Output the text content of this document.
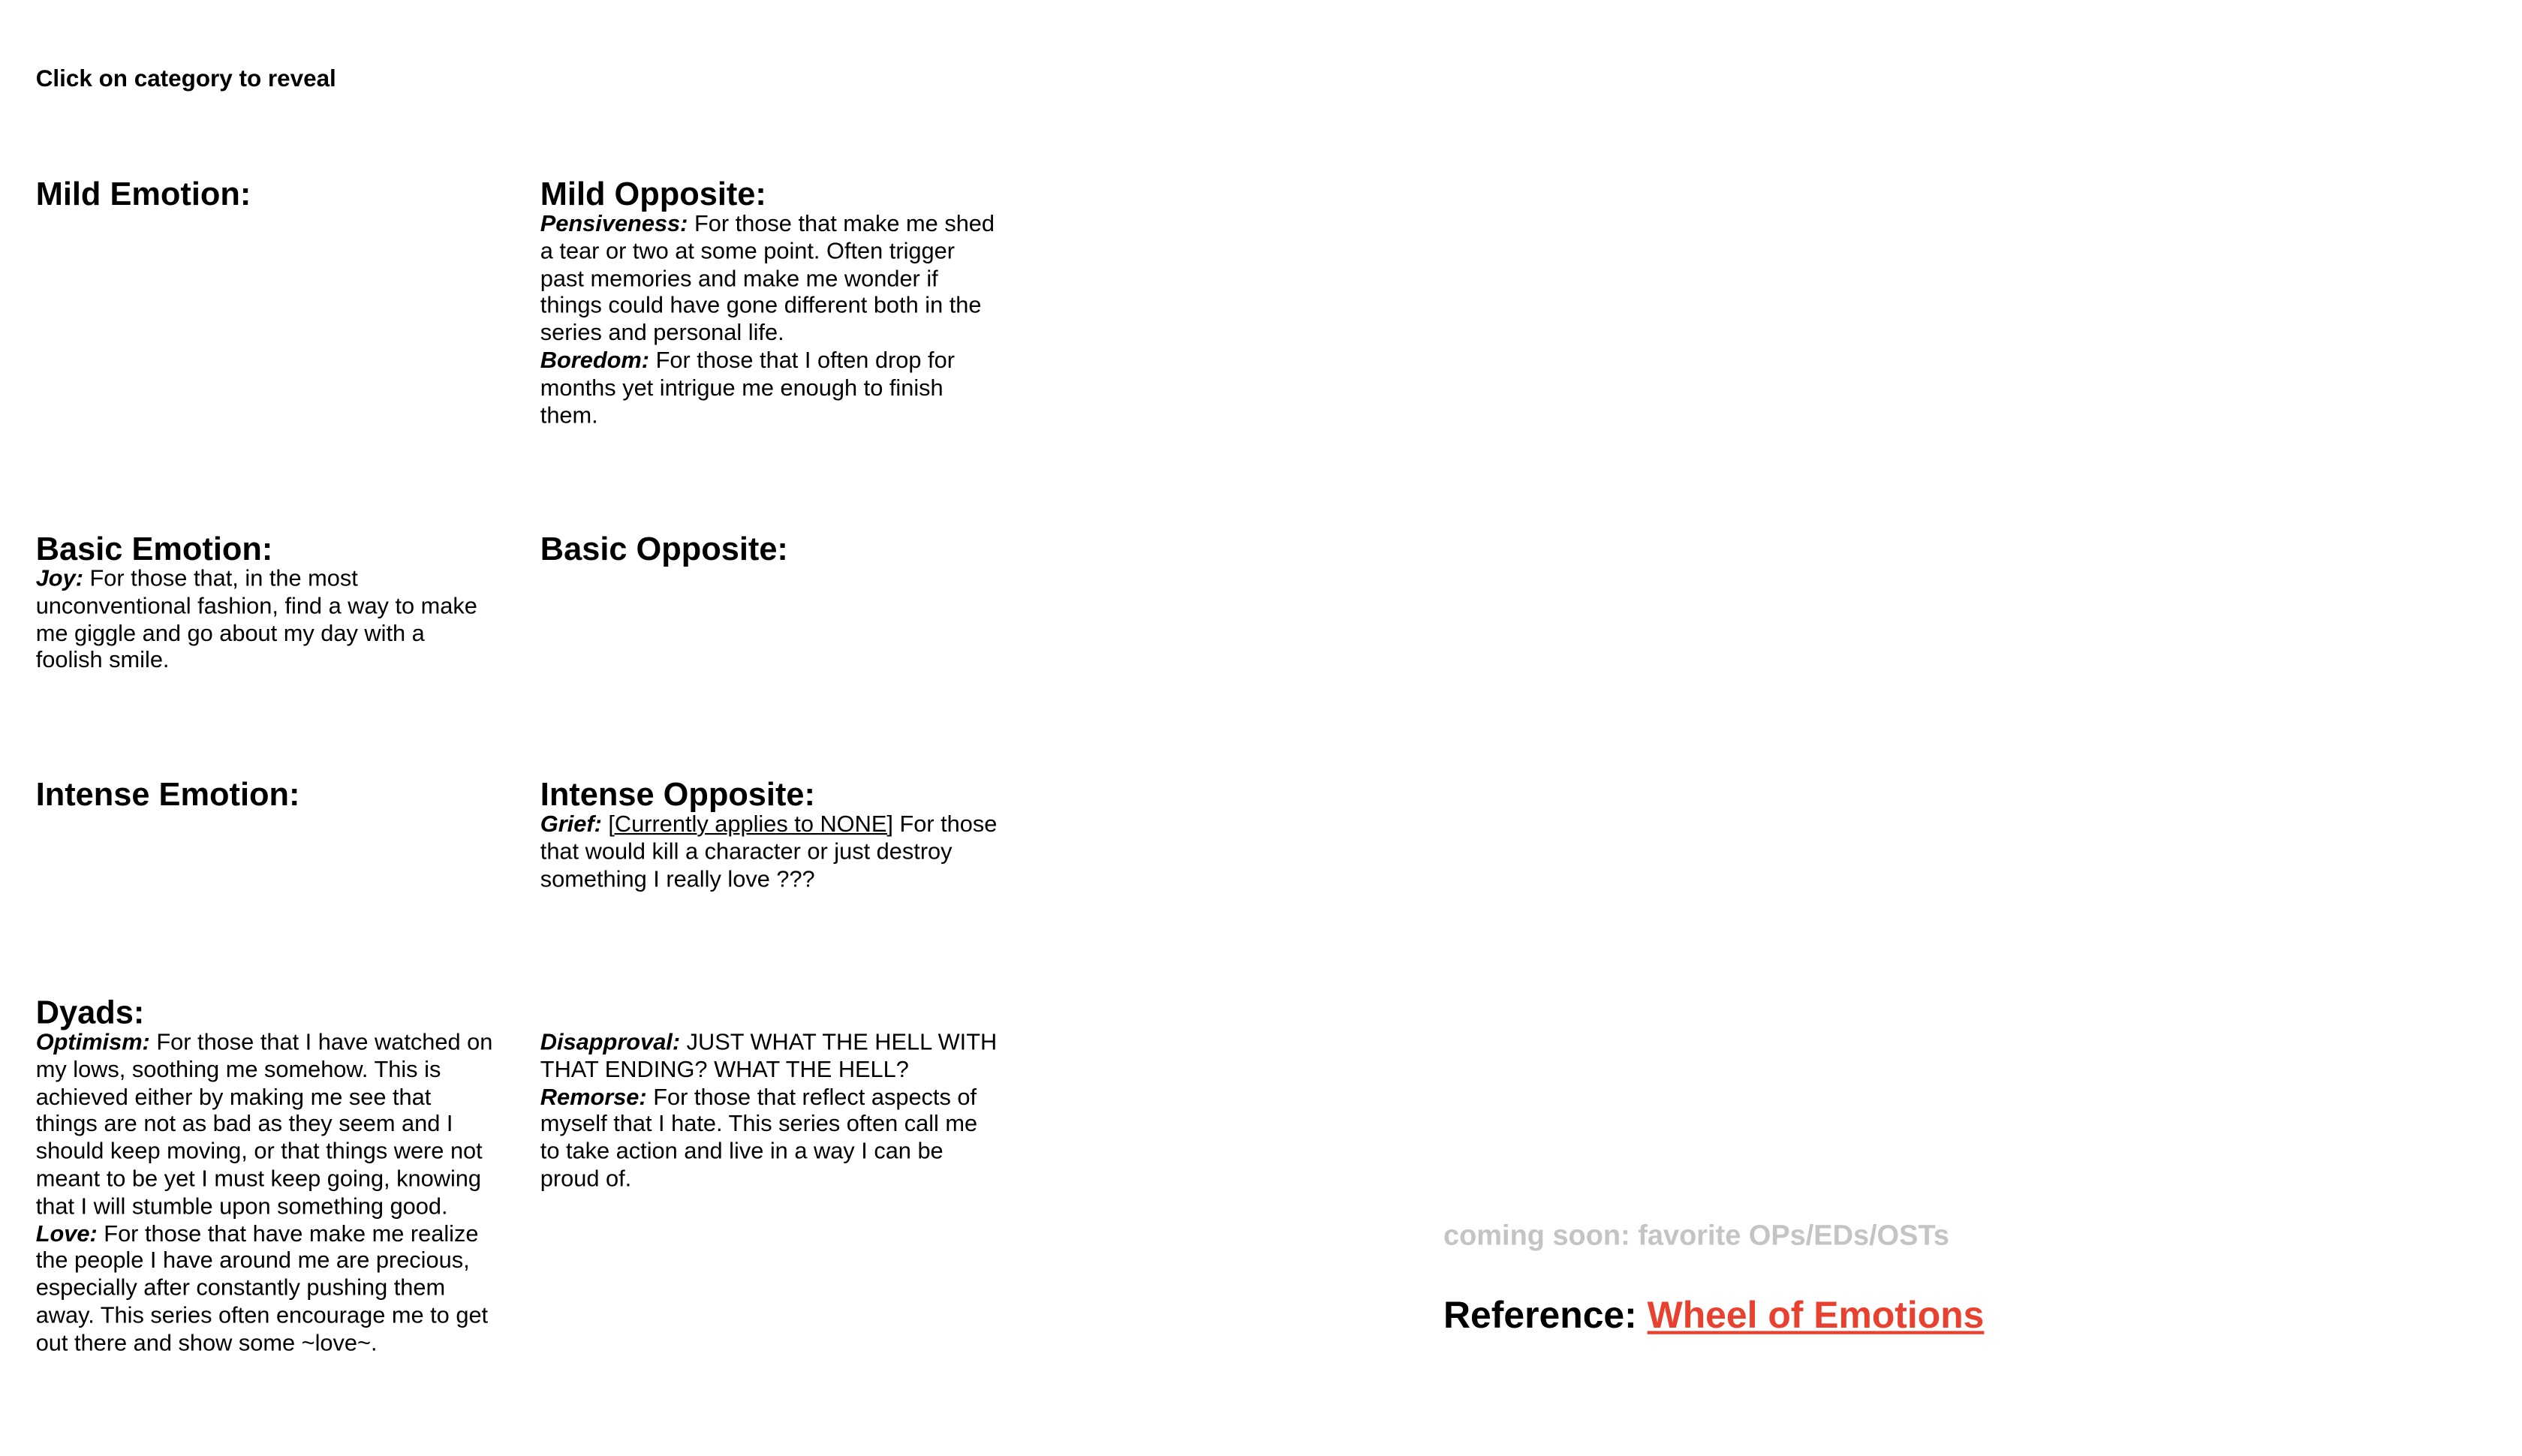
Click on category to reveal
Mild Emotion:	Mild Opposite:

Pensiveness: For those that make me shed a tear or two at some point. Often trigger past memories and make me wonder if things could have gone different both in the series and personal life.

Boredom: For those that I often drop for months yet intrigue me enough to finish them.

Basic Emotion:

Joy: For those that, in the most unconventional fashion, find a way to make me giggle and go about my day with a foolish smile.

Basic Opposite:
Intense Emotion:	Intense Opposite:

Grief: [Currently applies to NONE] For those that would kill a character or just destroy something I really love ???

Dyads:

Optimism: For those that I have watched on my lows, soothing me somehow. This is achieved either by making me see that things are not as bad as they seem and I should keep moving, or that things were not meant to be yet I must keep going, knowing that I will stumble upon something good.

Love: For those that have make me realize the people I have around me are precious, especially after constantly pushing them away. This series often encourage me to get out there and show some ~love~.

Disapproval: JUST WHAT THE HELL WITH THAT ENDING? WHAT THE HELL?

Remorse: For those that reflect aspects of myself that I hate. This series often call me to take action and live in a way I can be proud of.

coming soon: favorite OPs/EDs/OSTs
Reference: Wheel of Emotions
